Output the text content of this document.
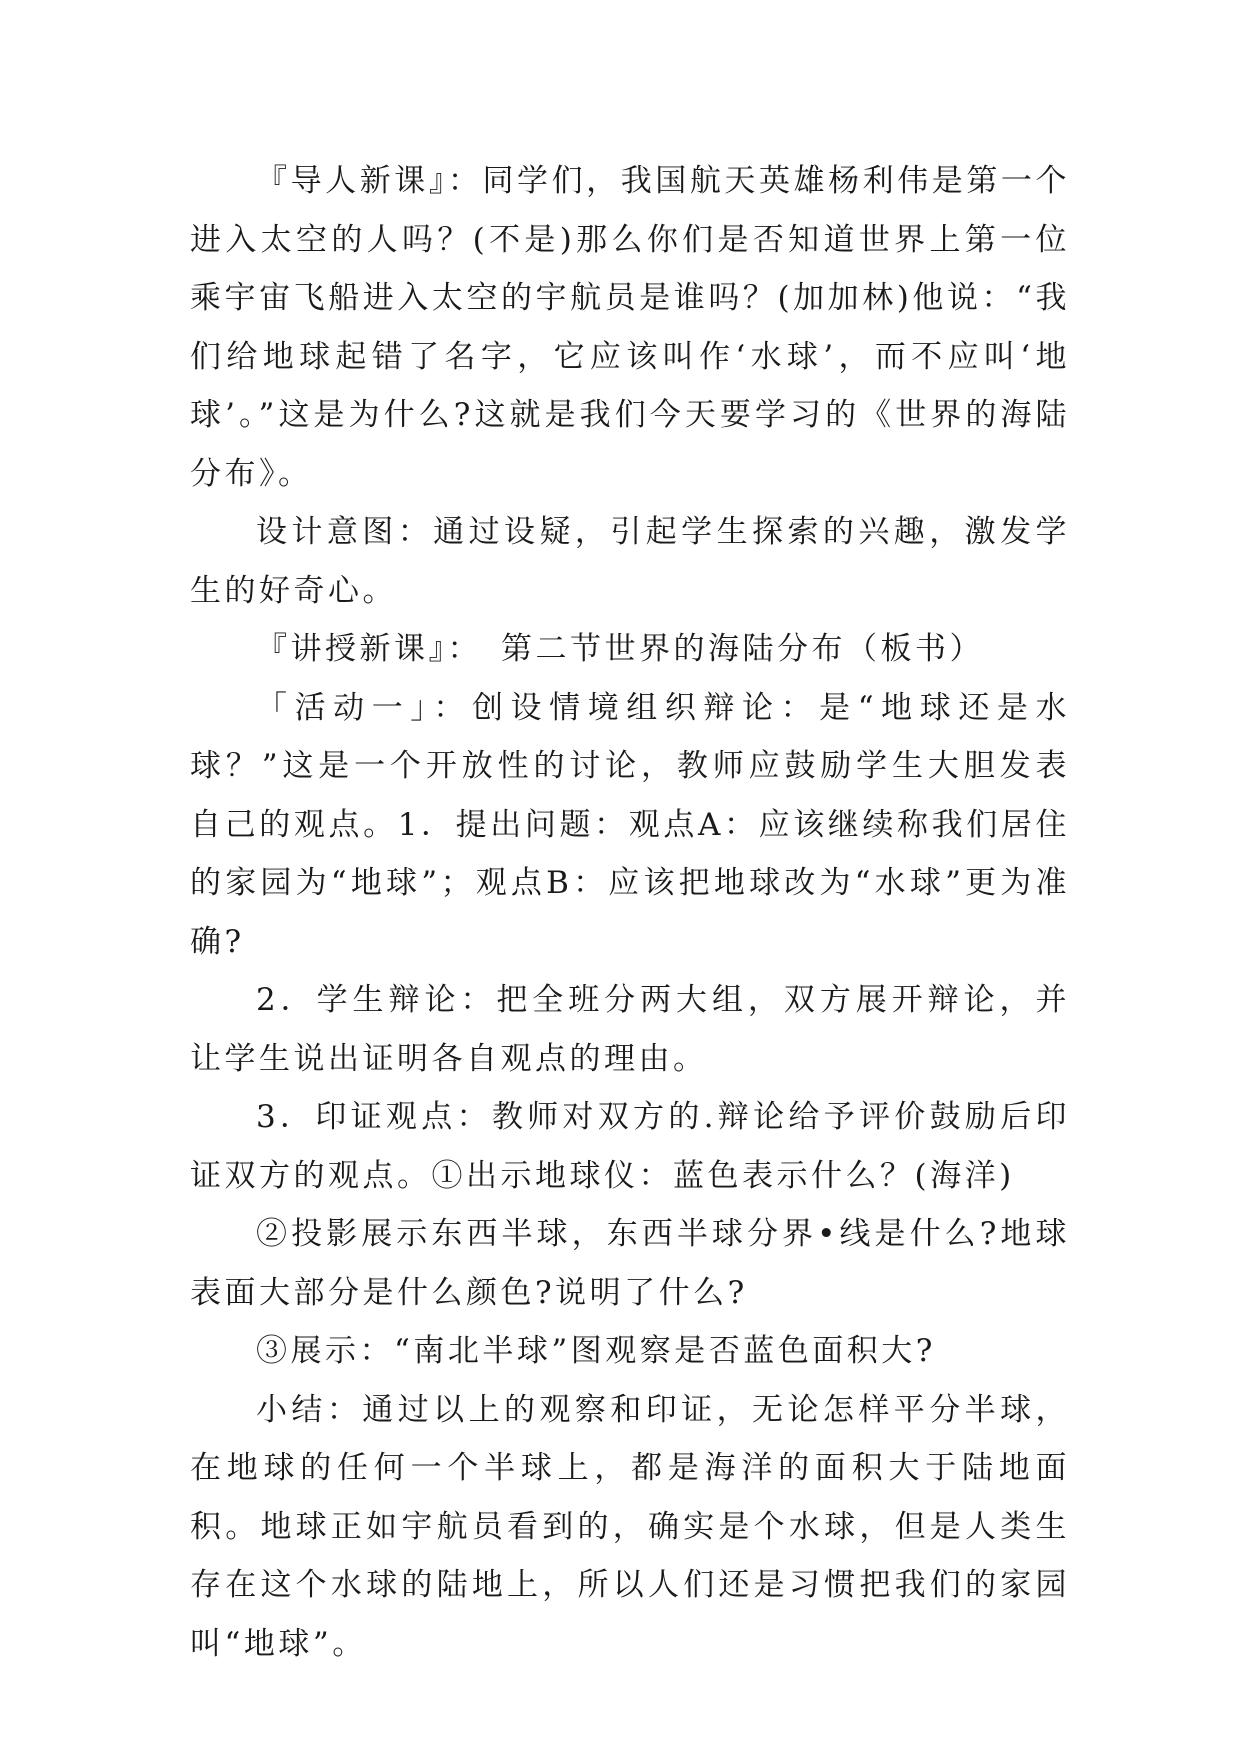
『导人新课』：同学们，我国航天英雄杨利伟是第一个进入太空的人吗？(不是)那么你们是否知道世界上第一位乘宇宙飞船进入太空的宇航员是谁吗？(加加林)他说：“我们给地球起错了名字，它应该叫作‘水球’，而不应叫‘地球’。”这是为什么?这就是我们今天要学习的《世界的海陆分布》。

设计意图：通过设疑，引起学生探索的兴趣，激发学生的好奇心。

『讲授新课』：　第二节世界的海陆分布（板书）

「活动一」：创设情境组织辩论：是“地球还是水球？”这是一个开放性的讨论，教师应鼓励学生大胆发表自己的观点。1．提出问题：观点A：应该继续称我们居住的家园为“地球”；观点B：应该把地球改为“水球”更为准确?

2．学生辩论：把全班分两大组，双方展开辩论，并让学生说出证明各自观点的理由。

3．印证观点：教师对双方的.辩论给予评价鼓励后印证双方的观点。①出示地球仪：蓝色表示什么？(海洋)

②投影展示东西半球，东西半球分界•线是什么?地球表面大部分是什么颜色?说明了什么?

③展示：“南北半球”图观察是否蓝色面积大?

小结：通过以上的观察和印证，无论怎样平分半球，在地球的任何一个半球上，都是海洋的面积大于陆地面积。地球正如宇航员看到的，确实是个水球，但是人类生存在这个水球的陆地上，所以人们还是习惯把我们的家园叫“地球”。
